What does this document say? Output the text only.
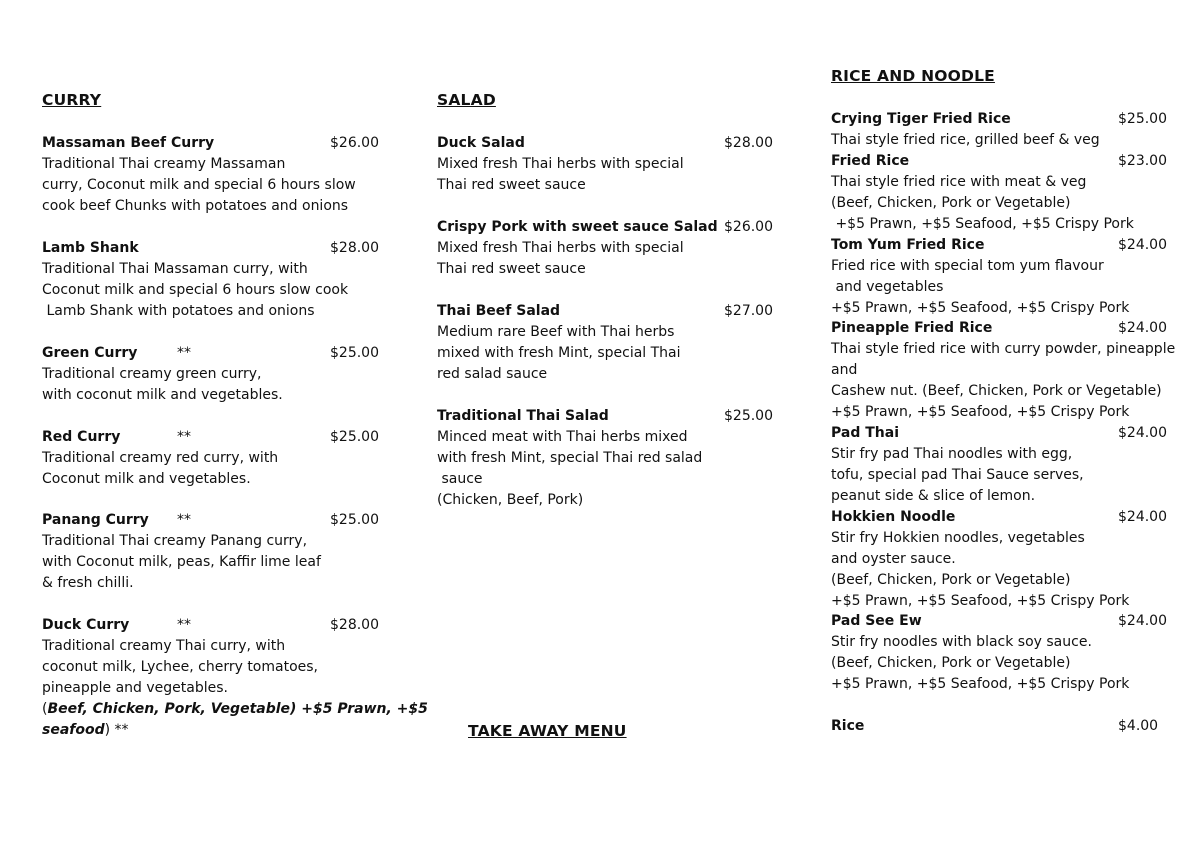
CURRY
Massaman Beef Curry	$26.00
Traditional Thai creamy Massaman
curry, Coconut milk and special 6 hours slow
cook beef Chunks with potatoes and onions
Lamb Shank	$28.00
Traditional Thai Massaman curry, with
Coconut milk and special 6 hours slow cook
Lamb Shank with potatoes and onions
Green Curry	**	$25.00
Traditional creamy green curry,
with coconut milk and vegetables.
Red Curry	**	$25.00
Traditional creamy red curry, with
Coconut milk and vegetables.
Panang Curry	**	$25.00
Traditional Thai creamy Panang curry,
with Coconut milk, peas, Kaffir lime leaf
& fresh chilli.
Duck Curry	**	$28.00
Traditional creamy Thai curry, with
coconut milk, Lychee, cherry tomatoes,
pineapple and vegetables.
(Beef, Chicken, Pork, Vegetable) +$5 Prawn, +$5
seafood) **
SALAD
Duck Salad	$28.00
Mixed fresh Thai herbs with special
Thai red sweet sauce
Crispy Pork with sweet sauce Salad $26.00
Mixed fresh Thai herbs with special
Thai red sweet sauce
Thai Beef Salad	$27.00
Medium rare Beef with Thai herbs
mixed with fresh Mint, special Thai
red salad sauce
Traditional Thai Salad	$25.00
Minced meat with Thai herbs mixed
with fresh Mint, special Thai red salad
sauce
(Chicken, Beef, Pork)
TAKE AWAY MENU
RICE AND NOODLE
Crying Tiger Fried Rice	$25.00
Thai style fried rice, grilled beef & veg
Fried Rice	$23.00
Thai style fried rice with meat & veg
(Beef, Chicken, Pork or Vegetable)
+$5 Prawn, +$5 Seafood, +$5 Crispy Pork
Tom Yum Fried Rice	$24.00
Fried rice with special tom yum flavour
and vegetables
+$5 Prawn, +$5 Seafood, +$5 Crispy Pork
Pineapple Fried Rice	$24.00
Thai style fried rice with curry powder, pineapple
and
Cashew nut. (Beef, Chicken, Pork or Vegetable)
+$5 Prawn, +$5 Seafood, +$5 Crispy Pork
Pad Thai	$24.00
Stir fry pad Thai noodles with egg,
tofu, special pad Thai Sauce serves,
peanut side & slice of lemon.
Hokkien Noodle	$24.00
Stir fry Hokkien noodles, vegetables
and oyster sauce.
(Beef, Chicken, Pork or Vegetable)
+$5 Prawn, +$5 Seafood, +$5 Crispy Pork
Pad See Ew	$24.00
Stir fry noodles with black soy sauce.
(Beef, Chicken, Pork or Vegetable)
+$5 Prawn, +$5 Seafood, +$5 Crispy Pork
Rice	$4.00
